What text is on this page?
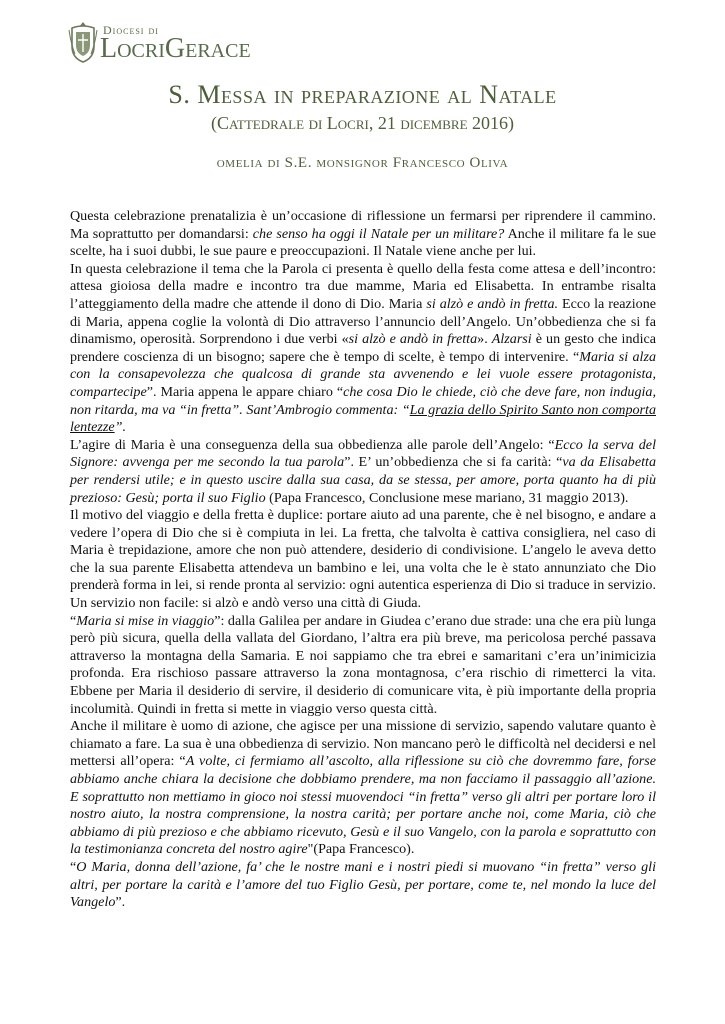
Diocesi di
LocriGerace
S. Messa in preparazione al Natale
(Cattedrale di Locri, 21 dicembre 2016)
omelia di S.E. monsignor Francesco Oliva

Questa celebrazione prenatalizia è un’occasione di riflessione un fermarsi per riprendere il cammino. Ma soprattutto per domandarsi: che senso ha oggi il Natale per un militare? Anche il militare fa le sue scelte, ha i suoi dubbi, le sue paure e preoccupazioni. Il Natale viene anche per lui.

In questa celebrazione il tema che la Parola ci presenta è quello della festa come attesa e dell’incontro: attesa gioiosa della madre e incontro tra due mamme, Maria ed Elisabetta. In entrambe risalta l’atteggiamento della madre che attende il dono di Dio. Maria si alzò e andò in fretta. Ecco la reazione di Maria, appena coglie la volontà di Dio attraverso l’annuncio dell’Angelo. Un’obbedienza che si fa dinamismo, operosità. Sorprendono i due verbi «si alzò e andò in fretta». Alzarsi è un gesto che indica prendere coscienza di un bisogno; sapere che è tempo di scelte, è tempo di intervenire. “Maria si alza con la consapevolezza che qualcosa di grande sta avvenendo e lei vuole essere protagonista, compartecipe”. Maria appena le appare chiaro “che cosa Dio le chiede, ciò che deve fare, non indugia, non ritarda, ma va “in fretta”. Sant’Ambrogio commenta: “La grazia dello Spirito Santo non comporta lentezze”.

L’agire di Maria è una conseguenza della sua obbedienza alle parole dell’Angelo: “Ecco la serva del Signore: avvenga per me secondo la tua parola”. E’ un’obbedienza che si fa carità: “va da Elisabetta per rendersi utile; e in questo uscire dalla sua casa, da se stessa, per amore, porta quanto ha di più prezioso: Gesù; porta il suo Figlio (Papa Francesco, Conclusione mese mariano, 31 maggio 2013).

Il motivo del viaggio e della fretta è duplice: portare aiuto ad una parente, che è nel bisogno, e andare a vedere l’opera di Dio che si è compiuta in lei. La fretta, che talvolta è cattiva consigliera, nel caso di Maria è trepidazione, amore che non può attendere, desiderio di condivisione. L’angelo le aveva detto che la sua parente Elisabetta attendeva un bambino e lei, una volta che le è stato annunziato che Dio prenderà forma in lei, si rende pronta al servizio: ogni autentica esperienza di Dio si traduce in servizio. Un servizio non facile: si alzò e andò verso una città di Giuda.

“Maria si mise in viaggio”: dalla Galilea per andare in Giudea c’erano due strade: una che era più lunga però più sicura, quella della vallata del Giordano, l’altra era più breve, ma pericolosa perché passava attraverso la montagna della Samaria. E noi sappiamo che tra ebrei e samaritani c’era un’inimicizia profonda. Era rischioso passare attraverso la zona montagnosa, c’era rischio di rimetterci la vita. Ebbene per Maria il desiderio di servire, il desiderio di comunicare vita, è più importante della propria incolumità. Quindi in fretta si mette in viaggio verso questa città.

Anche il militare è uomo di azione, che agisce per una missione di servizio, sapendo valutare quanto è chiamato a fare. La sua è una obbedienza di servizio. Non mancano però le difficoltà nel decidersi e nel mettersi all’opera: “A volte, ci fermiamo all’ascolto, alla riflessione su ciò che dovremmo fare, forse abbiamo anche chiara la decisione che dobbiamo prendere, ma non facciamo il passaggio all’azione. E soprattutto non mettiamo in gioco noi stessi muovendoci “in fretta” verso gli altri per portare loro il nostro aiuto, la nostra comprensione, la nostra carità; per portare anche noi, come Maria, ciò che abbiamo di più prezioso e che abbiamo ricevuto, Gesù e il suo Vangelo, con la parola e soprattutto con la testimonianza concreta del nostro agire"(Papa Francesco).

“O Maria, donna dell’azione, fa’ che le nostre mani e i nostri piedi si muovano “in fretta” verso gli altri, per portare la carità e l’amore del tuo Figlio Gesù, per portare, come te, nel mondo la luce del Vangelo”.
